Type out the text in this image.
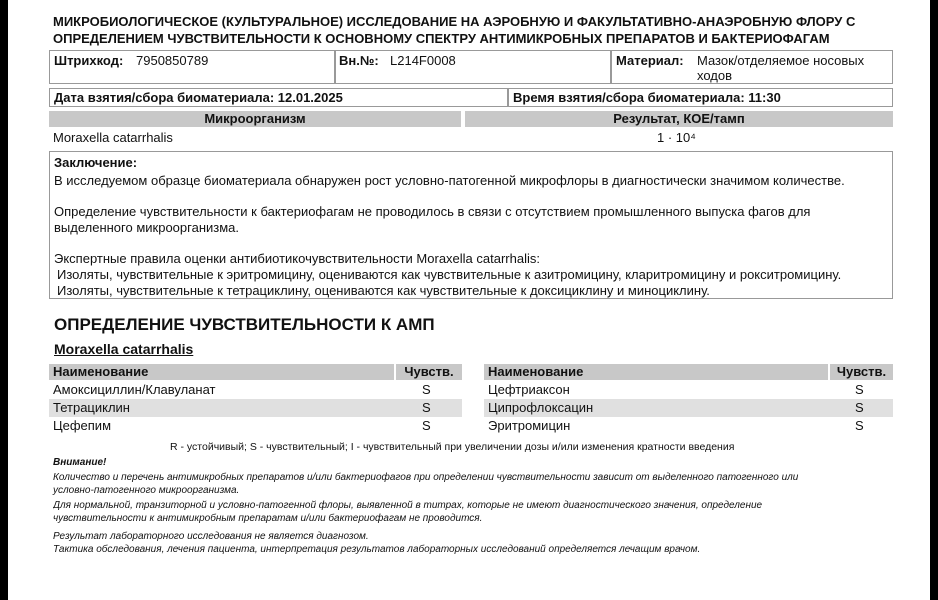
МИКРОБИОЛОГИЧЕСКОЕ (КУЛЬТУРАЛЬНОЕ) ИССЛЕДОВАНИЕ НА АЭРОБНУЮ И ФАКУЛЬТАТИВНО-АНАЭРОБНУЮ ФЛОРУ С
ОПРЕДЕЛЕНИЕМ ЧУВСТВИТЕЛЬНОСТИ К ОСНОВНОМУ СПЕКТРУ АНТИМИКРОБНЫХ ПРЕПАРАТОВ И БАКТЕРИОФАГАМ
Штрихкод: 7950850789	Вн.№: L214F0008	Материал: Мазок/отделяемое носовых
ходов
Дата взятия/сбора биоматериала: 12.01.2025	Время взятия/сбора биоматериала: 11:30
Микроорганизм	Результат, КОЕ/тамп
Moraxella catarrhalis	1 · 10⁴
Заключение:
В исследуемом образце биоматериала обнаружен рост условно-патогенной микрофлоры в диагностически значимом количестве.
Определение чувствительности к бактериофагам не проводилось в связи с отсутствием промышленного выпуска фагов для
выделенного микроорганизма.
Экспертные правила оценки антибиотикочувствительности Moraxella catarrhalis:
Изоляты, чувствительные к эритромицину, оцениваются как чувствительные к азитромицину, кларитромицину и рокситромицину.
Изоляты, чувствительные к тетрациклину, оцениваются как чувствительные к доксициклину и миноциклину.
ОПРЕДЕЛЕНИЕ ЧУВСТВИТЕЛЬНОСТИ К АМП
Moraxella catarrhalis
Наименование	Чувств.
Амоксициллин/Клавуланат	S
Тетрациклин	S
Цефепим	S
Наименование	Чувств.
Цефтриаксон	S
Ципрофлоксацин	S
Эритромицин	S
R - устойчивый; S - чувствительный; I - чувствительный при увеличении дозы и/или изменения кратности введения
Внимание!
Количество и перечень антимикробных препаратов и/или бактериофагов при определении чувствительности зависит от выделенного патогенного или
условно-патогенного микроорганизма.
Для нормальной, транзиторной и условно-патогенной флоры, выявленной в титрах, которые не имеют диагностического значения, определение
чувствительности к антимикробным препаратам и/или бактериофагам не проводится.
Результат лабораторного исследования не является диагнозом.
Тактика обследования, лечения пациента, интерпретация результатов лабораторных исследований определяется лечащим врачом.
